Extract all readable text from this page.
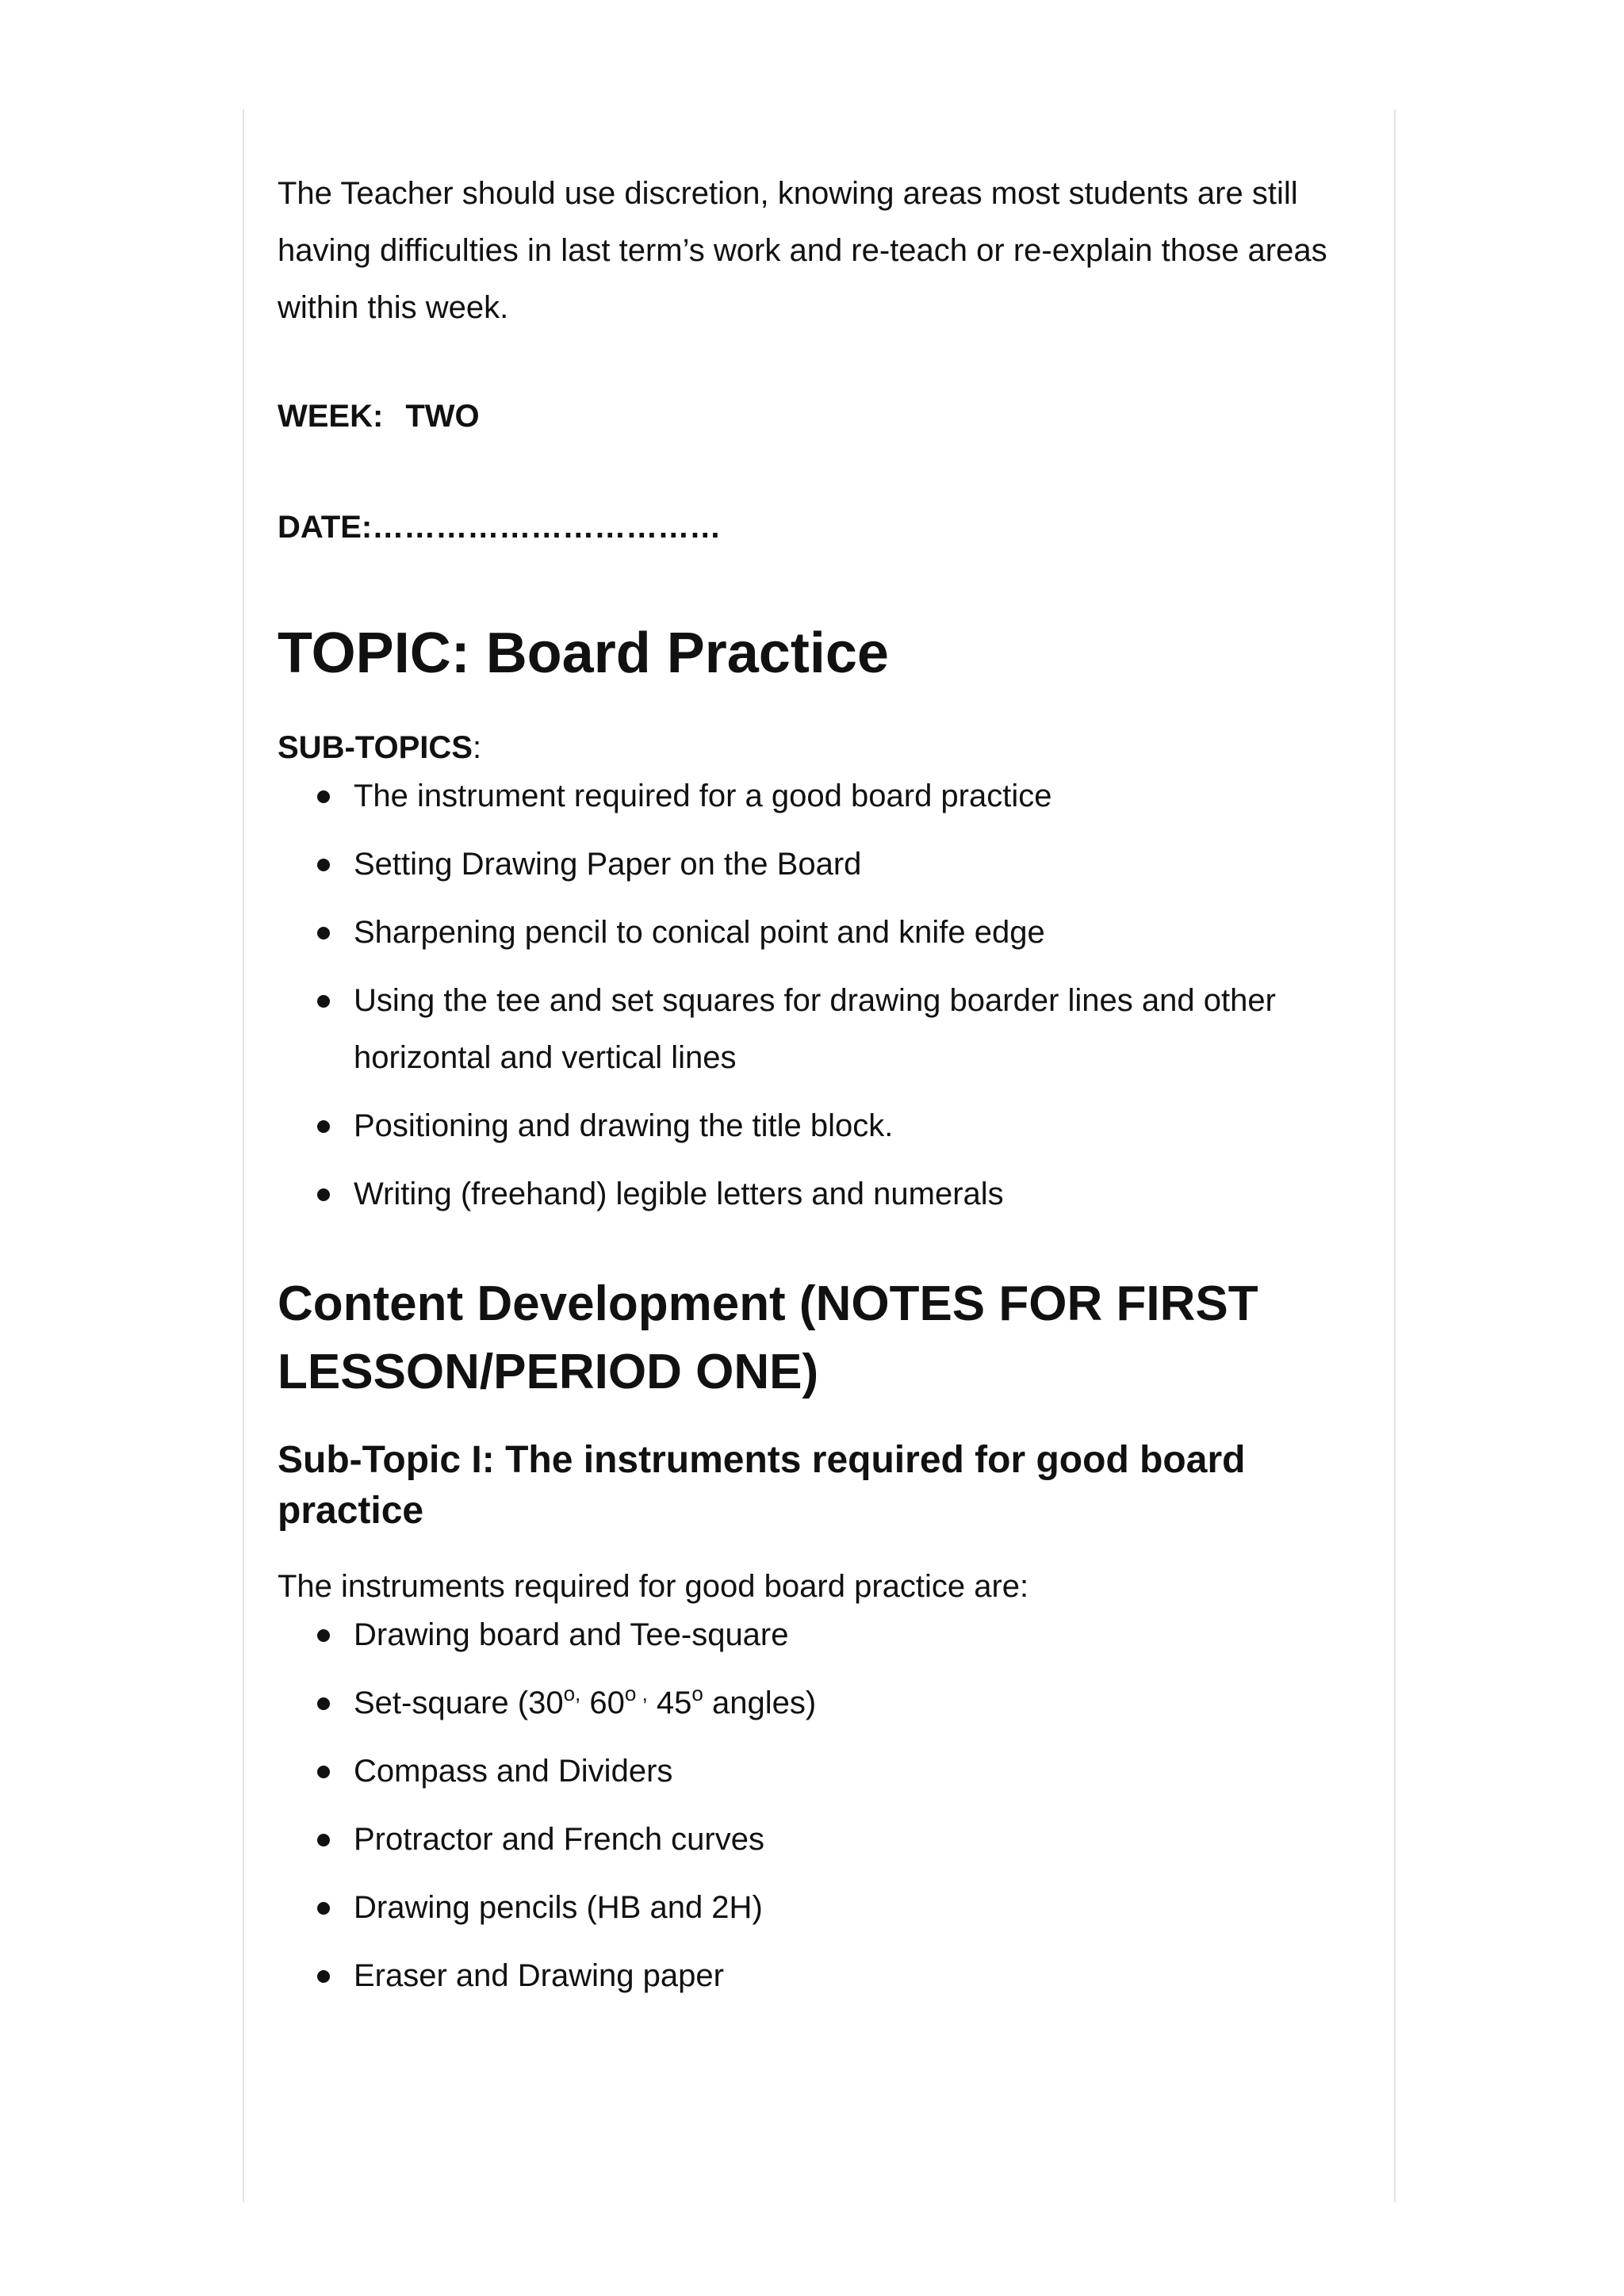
The Teacher should use discretion, knowing areas most students are still having difficulties in last term’s work and re-teach or re-explain those areas within this week.

WEEK: TWO

DATE:……………………………

TOPIC: Board Practice

SUB-TOPICS:

The instrument required for a good board practice
Setting Drawing Paper on the Board
Sharpening pencil to conical point and knife edge
Using the tee and set squares for drawing boarder lines and other horizontal and vertical lines
Positioning and drawing the title block.
Writing (freehand) legible letters and numerals
Content Development (NOTES FOR FIRST LESSON/PERIOD ONE)
Sub-Topic I: The instruments required for good board practice

The instruments required for good board practice are:

Drawing board and Tee-square
Set-square ($30^{o,}$ $60^{o ,}$ 45$^o$ angles)
Compass and Dividers
Protractor and French curves
Drawing pencils (HB and 2H)
Eraser and Drawing paper
